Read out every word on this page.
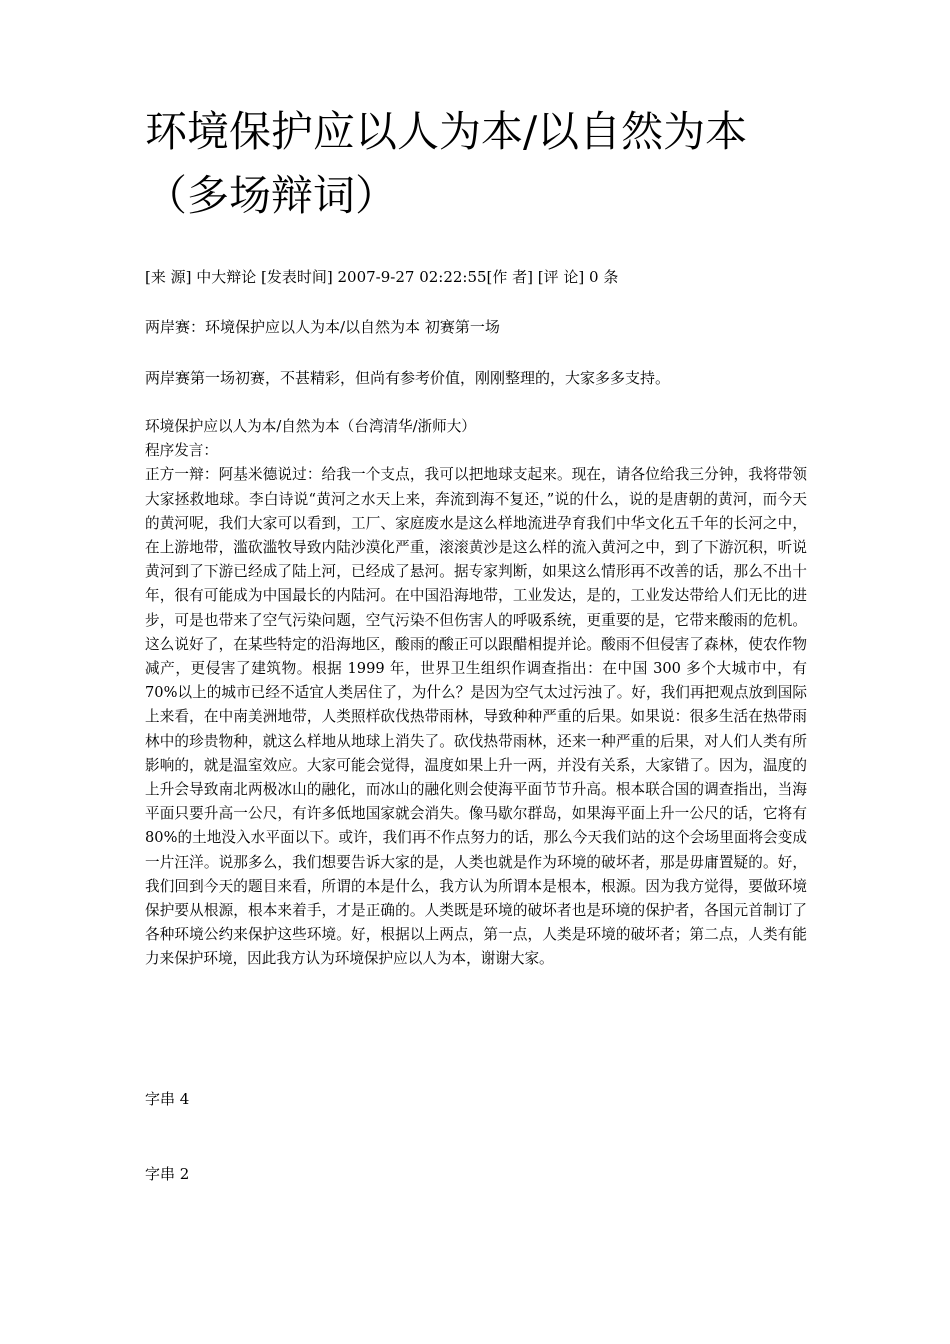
环境保护应以人为本/以自然为本（多场辩词）
[来 源] 中大辩论 [发表时间] 2007-9-27 02:22:55[作 者] [评 论] 0 条
两岸赛：环境保护应以人为本/以自然为本 初赛第一场
两岸赛第一场初赛，不甚精彩，但尚有参考价值，刚刚整理的，大家多多支持。
环境保护应以人为本/自然为本（台湾清华/浙师大）
程序发言：
正方一辩：阿基米德说过：给我一个支点，我可以把地球支起来。现在，请各位给我三分钟，我将带领大家拯救地球。李白诗说“黄河之水天上来，奔流到海不复还，”说的什么，说的是唐朝的黄河，而今天的黄河呢，我们大家可以看到，工厂、家庭废水是这么样地流进孕育我们中华文化五千年的长河之中，在上游地带，滥砍滥牧导致内陆沙漠化严重，滚滚黄沙是这么样的流入黄河之中，到了下游沉积，听说黄河到了下游已经成了陆上河，已经成了悬河。据专家判断，如果这么情形再不改善的话，那么不出十年，很有可能成为中国最长的内陆河。在中国沿海地带，工业发达，是的，工业发达带给人们无比的进步，可是也带来了空气污染问题，空气污染不但伤害人的呼吸系统，更重要的是，它带来酸雨的危机。这么说好了，在某些特定的沿海地区，酸雨的酸正可以跟醋相提并论。酸雨不但侵害了森林，使农作物减产，更侵害了建筑物。根据 1999 年，世界卫生组织作调查指出：在中国 300 多个大城市中，有 70%以上的城市已经不适宜人类居住了，为什么？是因为空气太过污浊了。好，我们再把观点放到国际上来看，在中南美洲地带，人类照样砍伐热带雨林，导致种种严重的后果。如果说：很多生活在热带雨林中的珍贵物种，就这么样地从地球上消失了。砍伐热带雨林，还来一种严重的后果，对人们人类有所影响的，就是温室效应。大家可能会觉得，温度如果上升一两，并没有关系，大家错了。因为，温度的上升会导致南北两极冰山的融化，而冰山的融化则会使海平面节节升高。根本联合国的调查指出，当海平面只要升高一公尺，有许多低地国家就会消失。像马歇尔群岛，如果海平面上升一公尺的话，它将有 80%的土地没入水平面以下。或许，我们再不作点努力的话，那么今天我们站的这个会场里面将会变成一片汪洋。说那多么，我们想要告诉大家的是，人类也就是作为环境的破坏者，那是毋庸置疑的。好，我们回到今天的题目来看，所谓的本是什么，我方认为所谓本是根本，根源。因为我方觉得，要做环境保护要从根源，根本来着手，才是正确的。人类既是环境的破坏者也是环境的保护者，各国元首制订了各种环境公约来保护这些环境。好，根据以上两点，第一点，人类是环境的破坏者；第二点，人类有能力来保护环境，因此我方认为环境保护应以人为本，谢谢大家。
字串 4
字串 2
